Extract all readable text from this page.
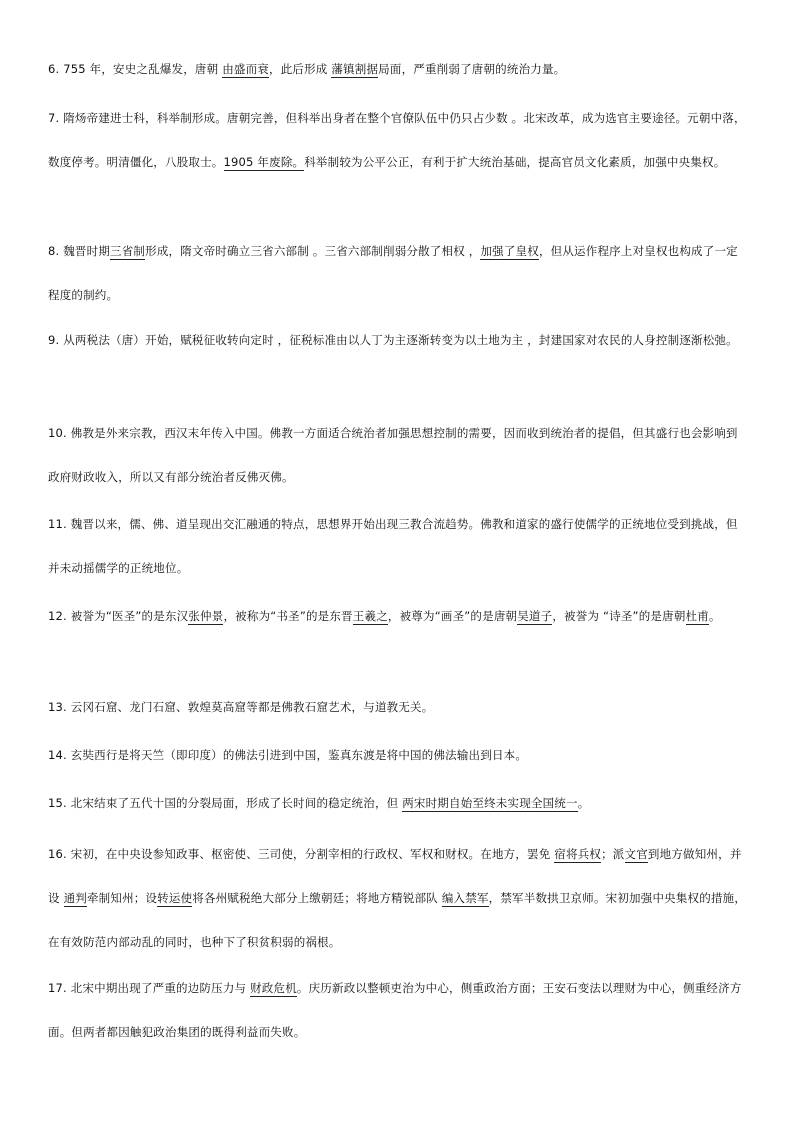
6. 755 年，安史之乱爆发，唐朝 由盛而衰，此后形成 藩镇割据局面，严重削弱了唐朝的统治力量。

7. 隋炀帝建进士科，科举制形成。唐朝完善，但科举出身者在整个官僚队伍中仍只占少数 。北宋改革，成为选官主要途径。元朝中落，数度停考。明清僵化，八股取士。1905 年废除。科举制较为公平公正，有利于扩大统治基础，提高官员文化素质，加强中央集权。

8. 魏晋时期三省制形成，隋文帝时确立三省六部制 。三省六部制削弱分散了相权 ，加强了皇权，但从运作程序上对皇权也构成了一定程度的制约。

9. 从两税法（唐）开始，赋税征收转向定时 ，征税标准由以人丁为主逐渐转变为以土地为主 ，封建国家对农民的人身控制逐渐松弛。

10. 佛教是外来宗教，西汉末年传入中国。佛教一方面适合统治者加强思想控制的需要，因而收到统治者的提倡，但其盛行也会影响到政府财政收入，所以又有部分统治者反佛灭佛。

11. 魏晋以来，儒、佛、道呈现出交汇融通的特点，思想界开始出现三教合流趋势。佛教和道家的盛行使儒学的正统地位受到挑战，但并未动摇儒学的正统地位。

12. 被誉为“医圣”的是东汉张仲景，被称为“书圣”的是东晋王羲之，被尊为“画圣”的是唐朝吴道子，被誉为 “诗圣”的是唐朝杜甫。

13. 云冈石窟、龙门石窟、敦煌莫高窟等都是佛教石窟艺术，与道教无关。

14. 玄奘西行是将天竺（即印度）的佛法引进到中国，鉴真东渡是将中国的佛法输出到日本。

15. 北宋结束了五代十国的分裂局面，形成了长时间的稳定统治，但 两宋时期自始至终未实现全国统一。

16. 宋初，在中央设参知政事、枢密使、三司使，分割宰相的行政权、军权和财权。在地方，罢免 宿将兵权；派文官到地方做知州，并设 通判牵制知州；设转运使将各州赋税绝大部分上缴朝廷；将地方精锐部队 编入禁军，禁军半数拱卫京师。宋初加强中央集权的措施，在有效防范内部动乱的同时，也种下了积贫积弱的祸根。

17. 北宋中期出现了严重的边防压力与 财政危机。庆历新政以整顿吏治为中心，侧重政治方面；王安石变法以理财为中心，侧重经济方面。但两者都因触犯政治集团的既得利益而失败。
